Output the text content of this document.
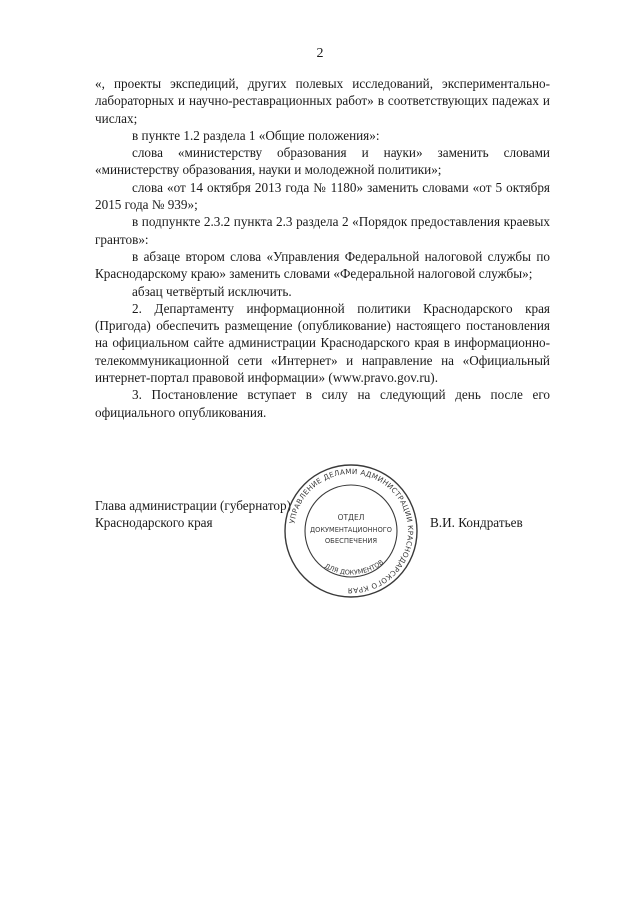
2

«, проекты экспедиций, других полевых исследований, экспериментально-лабораторных и научно-реставрационных работ» в соответствующих падежах и числах;

в пункте 1.2 раздела 1 «Общие положения»:

слова «министерству образования и науки» заменить словами «министерству образования, науки и молодежной политики»;

слова «от 14 октября 2013 года № 1180» заменить словами «от 5 октября 2015 года № 939»;

в подпункте 2.3.2 пункта 2.3 раздела 2 «Порядок предоставления краевых грантов»:

в абзаце втором слова «Управления Федеральной налоговой службы по Краснодарскому краю» заменить словами «Федеральной налоговой службы»;

абзац четвёртый исключить.

2. Департаменту информационной политики Краснодарского края (Пригода) обеспечить размещение (опубликование) настоящего постановления на официальном сайте администрации Краснодарского края в информационно-телекоммуникационной сети «Интернет» и направление на «Официальный интернет-портал правовой информации» (www.pravo.gov.ru).

3. Постановление вступает в силу на следующий день после его официального опубликования.

Глава администрации (губернатор)
Краснодарского края	УПРАВЛЕНИЕ ДЕЛАМИ АДМИНИСТРАЦИИ КРАСНОДАРСКОГО КРАЯ
ДЛЯ ДОКУМЕНТОВ
ОТДЕЛ
ДОКУМЕНТАЦИОННОГО
ОБЕСПЕЧЕНИЯ
В.И. Кондратьев
